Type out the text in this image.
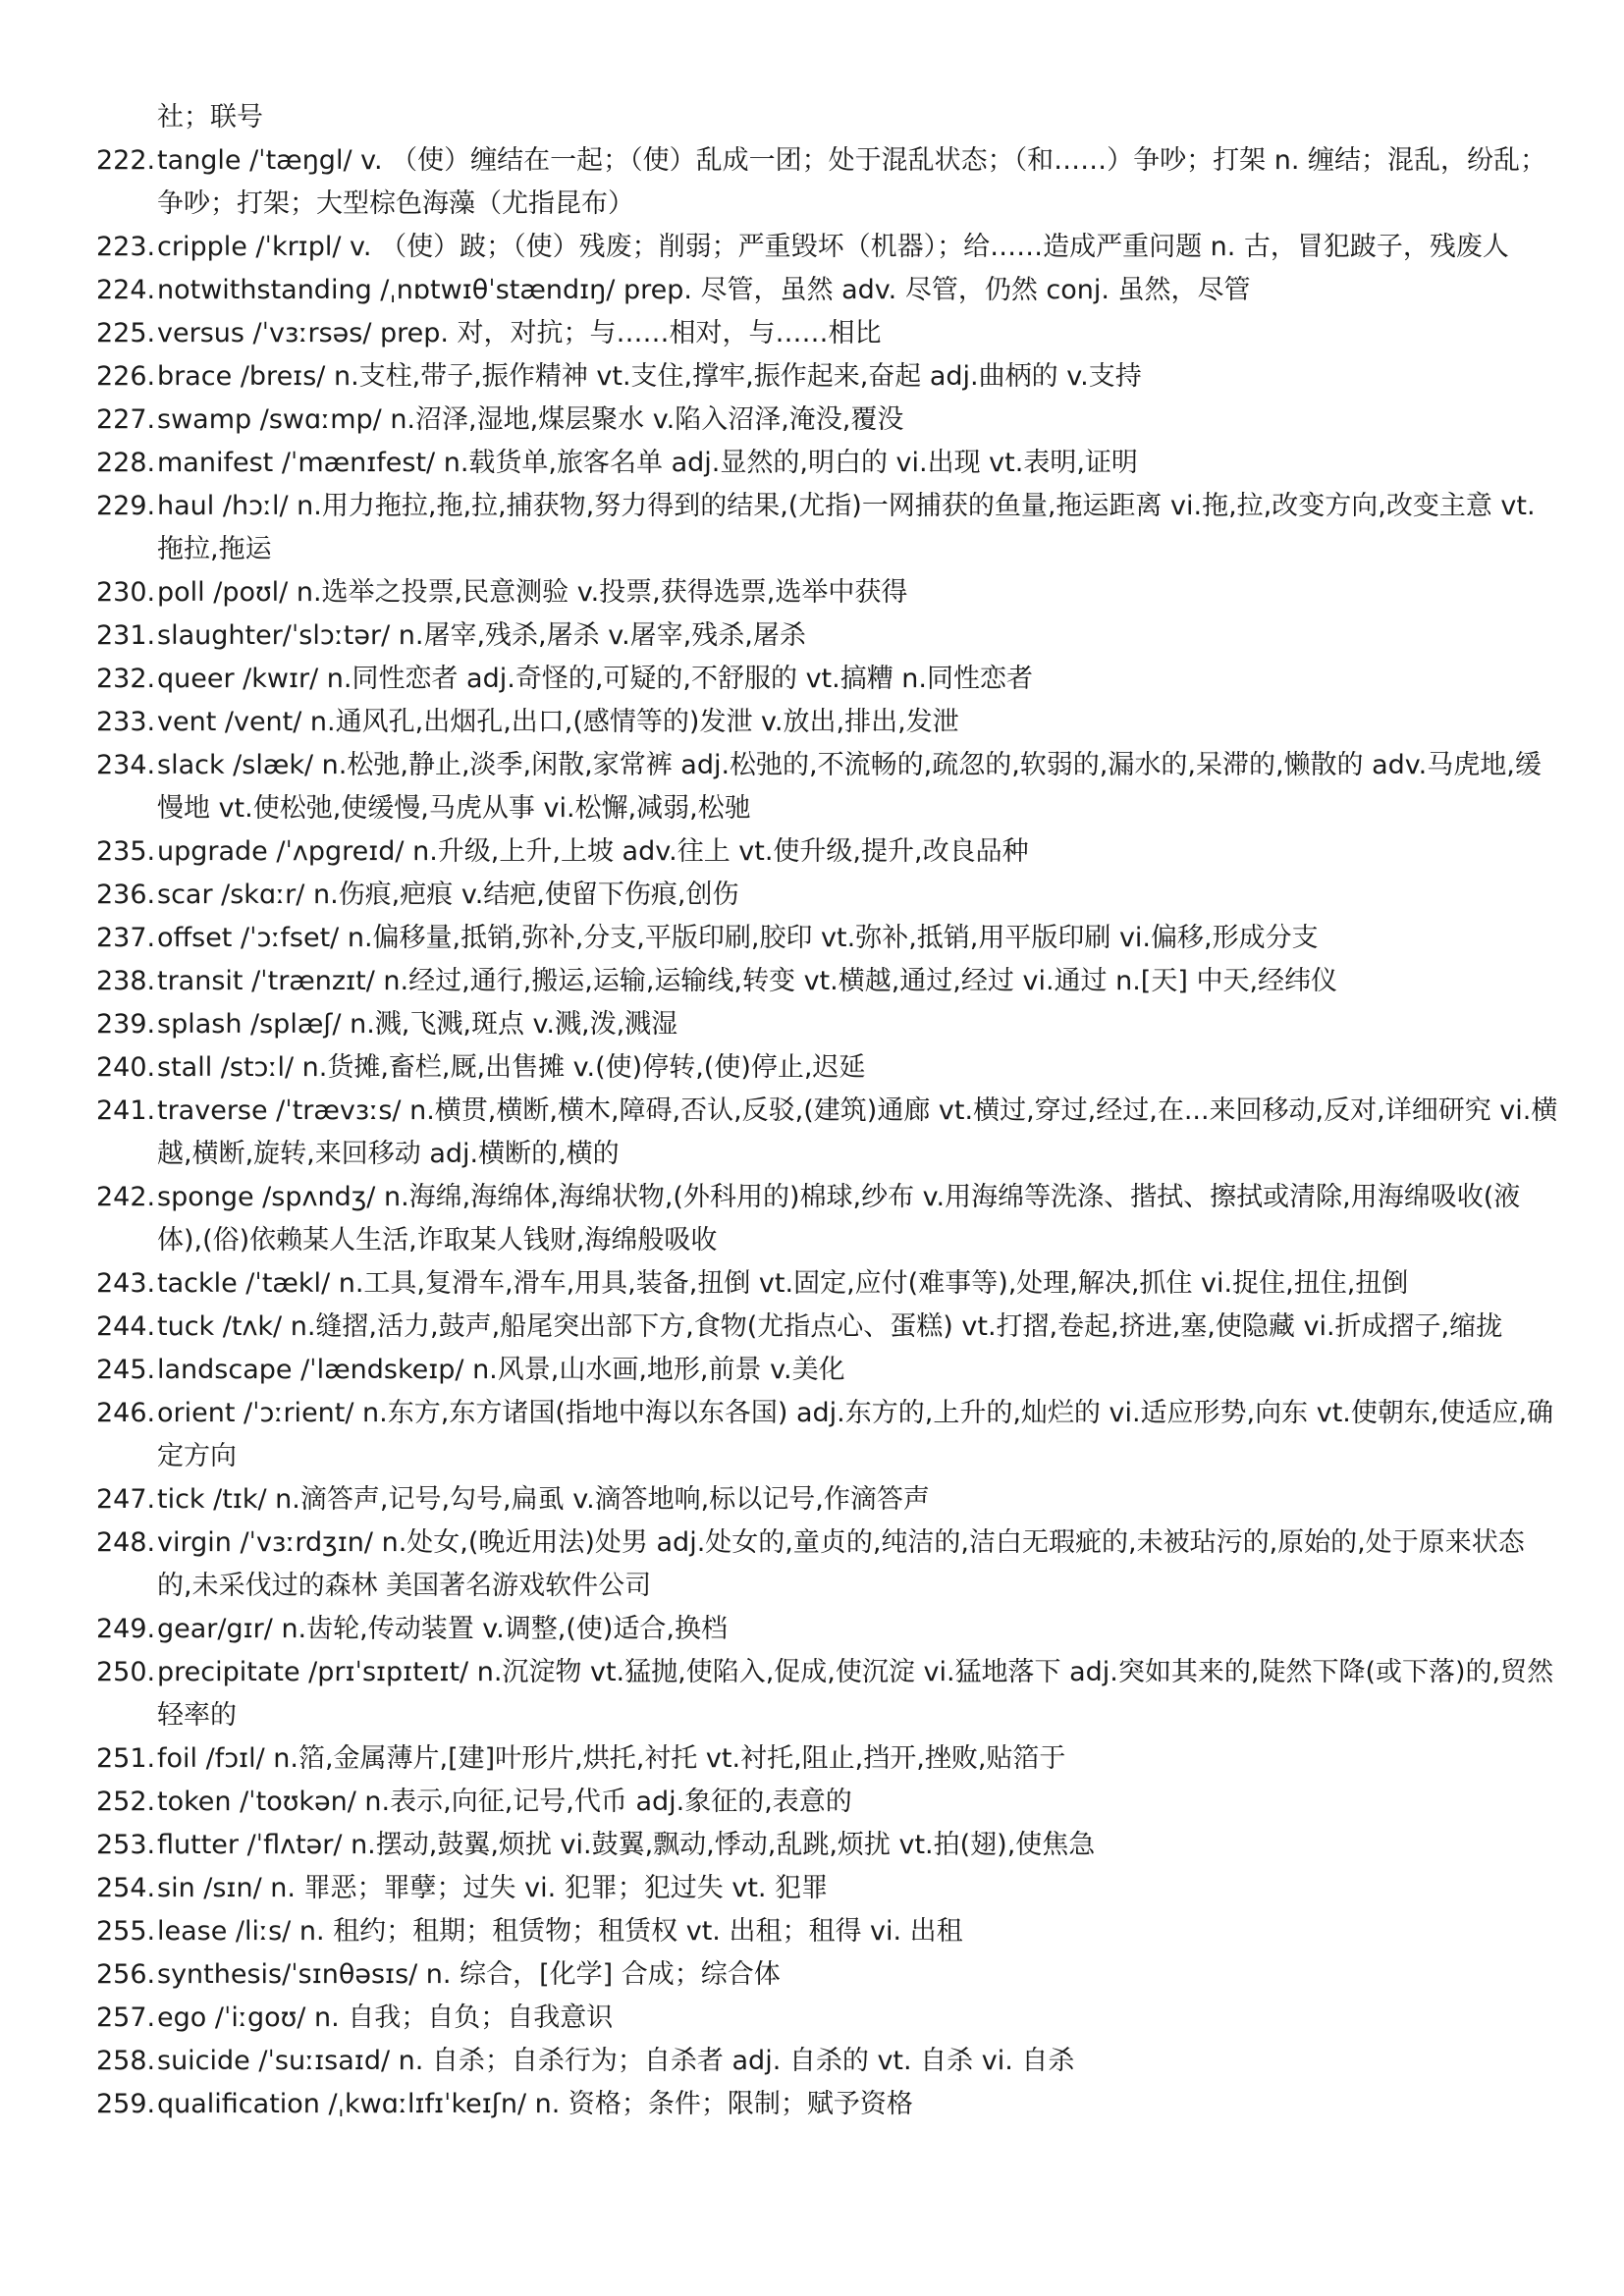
社；联号
222. tangle /ˈtæŋgl/ v. （使）缠结在一起；（使）乱成一团；处于混乱状态；（和……）争吵；打架 n. 缠结；混乱，纷乱；争吵；打架；大型棕色海藻（尤指昆布）
223. cripple /ˈkrɪpl/ v. （使）跛；（使）残废；削弱；严重毁坏（机器）；给……造成严重问题 n. 古，冒犯跛子，残废人
224. notwithstanding /ˌnɒtwɪθˈstændɪŋ/ prep. 尽管，虽然 adv. 尽管，仍然 conj. 虽然，尽管
225. versus /ˈvɜːrsəs/ prep. 对，对抗；与……相对，与……相比
226. brace /breɪs/ n.支柱,带子,振作精神 vt.支住,撑牢,振作起来,奋起 adj.曲柄的 v.支持
227. swamp /swɑːmp/ n.沼泽,湿地,煤层聚水 v.陷入沼泽,淹没,覆没
228. manifest /ˈmænɪfest/ n.载货单,旅客名单 adj.显然的,明白的 vi.出现 vt.表明,证明
229. haul /hɔːl/ n.用力拖拉,拖,拉,捕获物,努力得到的结果,(尤指)一网捕获的鱼量,拖运距离 vi.拖,拉,改变方向,改变主意 vt.拖拉,拖运
230. poll /poʊl/ n.选举之投票,民意测验 v.投票,获得选票,选举中获得
231. slaughter/ˈslɔːtər/ n.屠宰,残杀,屠杀 v.屠宰,残杀,屠杀
232. queer /kwɪr/ n.同性恋者 adj.奇怪的,可疑的,不舒服的 vt.搞糟 n.同性恋者
233. vent /vent/ n.通风孔,出烟孔,出口,(感情等的)发泄 v.放出,排出,发泄
234. slack /slæk/ n.松弛,静止,淡季,闲散,家常裤 adj.松弛的,不流畅的,疏忽的,软弱的,漏水的,呆滞的,懒散的 adv.马虎地,缓慢地 vt.使松弛,使缓慢,马虎从事 vi.松懈,减弱,松驰
235. upgrade /ˈʌpgreɪd/ n.升级,上升,上坡 adv.往上 vt.使升级,提升,改良品种
236. scar /skɑːr/ n.伤痕,疤痕 v.结疤,使留下伤痕,创伤
237. offset /ˈɔːfset/ n.偏移量,抵销,弥补,分支,平版印刷,胶印 vt.弥补,抵销,用平版印刷 vi.偏移,形成分支
238. transit /ˈtrænzɪt/ n.经过,通行,搬运,运输,运输线,转变 vt.横越,通过,经过 vi.通过 n.[天] 中天,经纬仪
239. splash /splæʃ/ n.溅,飞溅,斑点 v.溅,泼,溅湿
240. stall /stɔːl/ n.货摊,畜栏,厩,出售摊 v.(使)停转,(使)停止,迟延
241. traverse /ˈtrævɜːs/ n.横贯,横断,横木,障碍,否认,反驳,(建筑)通廊 vt.横过,穿过,经过,在...来回移动,反对,详细研究 vi.横越,横断,旋转,来回移动 adj.横断的,横的
242. sponge /spʌndʒ/ n.海绵,海绵体,海绵状物,(外科用的)棉球,纱布 v.用海绵等洗涤、揩拭、擦拭或清除,用海绵吸收(液体),(俗)依赖某人生活,诈取某人钱财,海绵般吸收
243. tackle /ˈtækl/ n.工具,复滑车,滑车,用具,装备,扭倒 vt.固定,应付(难事等),处理,解决,抓住 vi.捉住,扭住,扭倒
244. tuck /tʌk/ n.缝摺,活力,鼓声,船尾突出部下方,食物(尤指点心、蛋糕) vt.打摺,卷起,挤进,塞,使隐藏 vi.折成摺子,缩拢
245. landscape /ˈlændskeɪp/ n.风景,山水画,地形,前景 v.美化
246. orient /ˈɔːrient/ n.东方,东方诸国(指地中海以东各国) adj.东方的,上升的,灿烂的 vi.适应形势,向东 vt.使朝东,使适应,确定方向
247. tick /tɪk/ n.滴答声,记号,勾号,扁虱 v.滴答地响,标以记号,作滴答声
248. virgin /ˈvɜːrdʒɪn/ n.处女,(晚近用法)处男 adj.处女的,童贞的,纯洁的,洁白无瑕疵的,未被玷污的,原始的,处于原来状态的,未采伐过的森林 美国著名游戏软件公司
249. gear/gɪr/ n.齿轮,传动装置 v.调整,(使)适合,换档
250. precipitate /prɪˈsɪpɪteɪt/ n.沉淀物 vt.猛抛,使陷入,促成,使沉淀 vi.猛地落下 adj.突如其来的,陡然下降(或下落)的,贸然轻率的
251. foil /fɔɪl/ n.箔,金属薄片,[建]叶形片,烘托,衬托 vt.衬托,阻止,挡开,挫败,贴箔于
252. token /ˈtoʊkən/ n.表示,向征,记号,代币 adj.象征的,表意的
253. flutter /ˈflʌtər/ n.摆动,鼓翼,烦扰 vi.鼓翼,飘动,悸动,乱跳,烦扰 vt.拍(翅),使焦急
254. sin /sɪn/ n. 罪恶；罪孽；过失 vi. 犯罪；犯过失 vt. 犯罪
255. lease /liːs/ n. 租约；租期；租赁物；租赁权 vt. 出租；租得 vi. 出租
256. synthesis/ˈsɪnθəsɪs/ n. 综合，[化学] 合成；综合体
257. ego /ˈiːgoʊ/ n. 自我；自负；自我意识
258. suicide /ˈsuːɪsaɪd/ n. 自杀；自杀行为；自杀者 adj. 自杀的 vt. 自杀 vi. 自杀
259. qualification /ˌkwɑːlɪfɪˈkeɪʃn/ n. 资格；条件；限制；赋予资格
